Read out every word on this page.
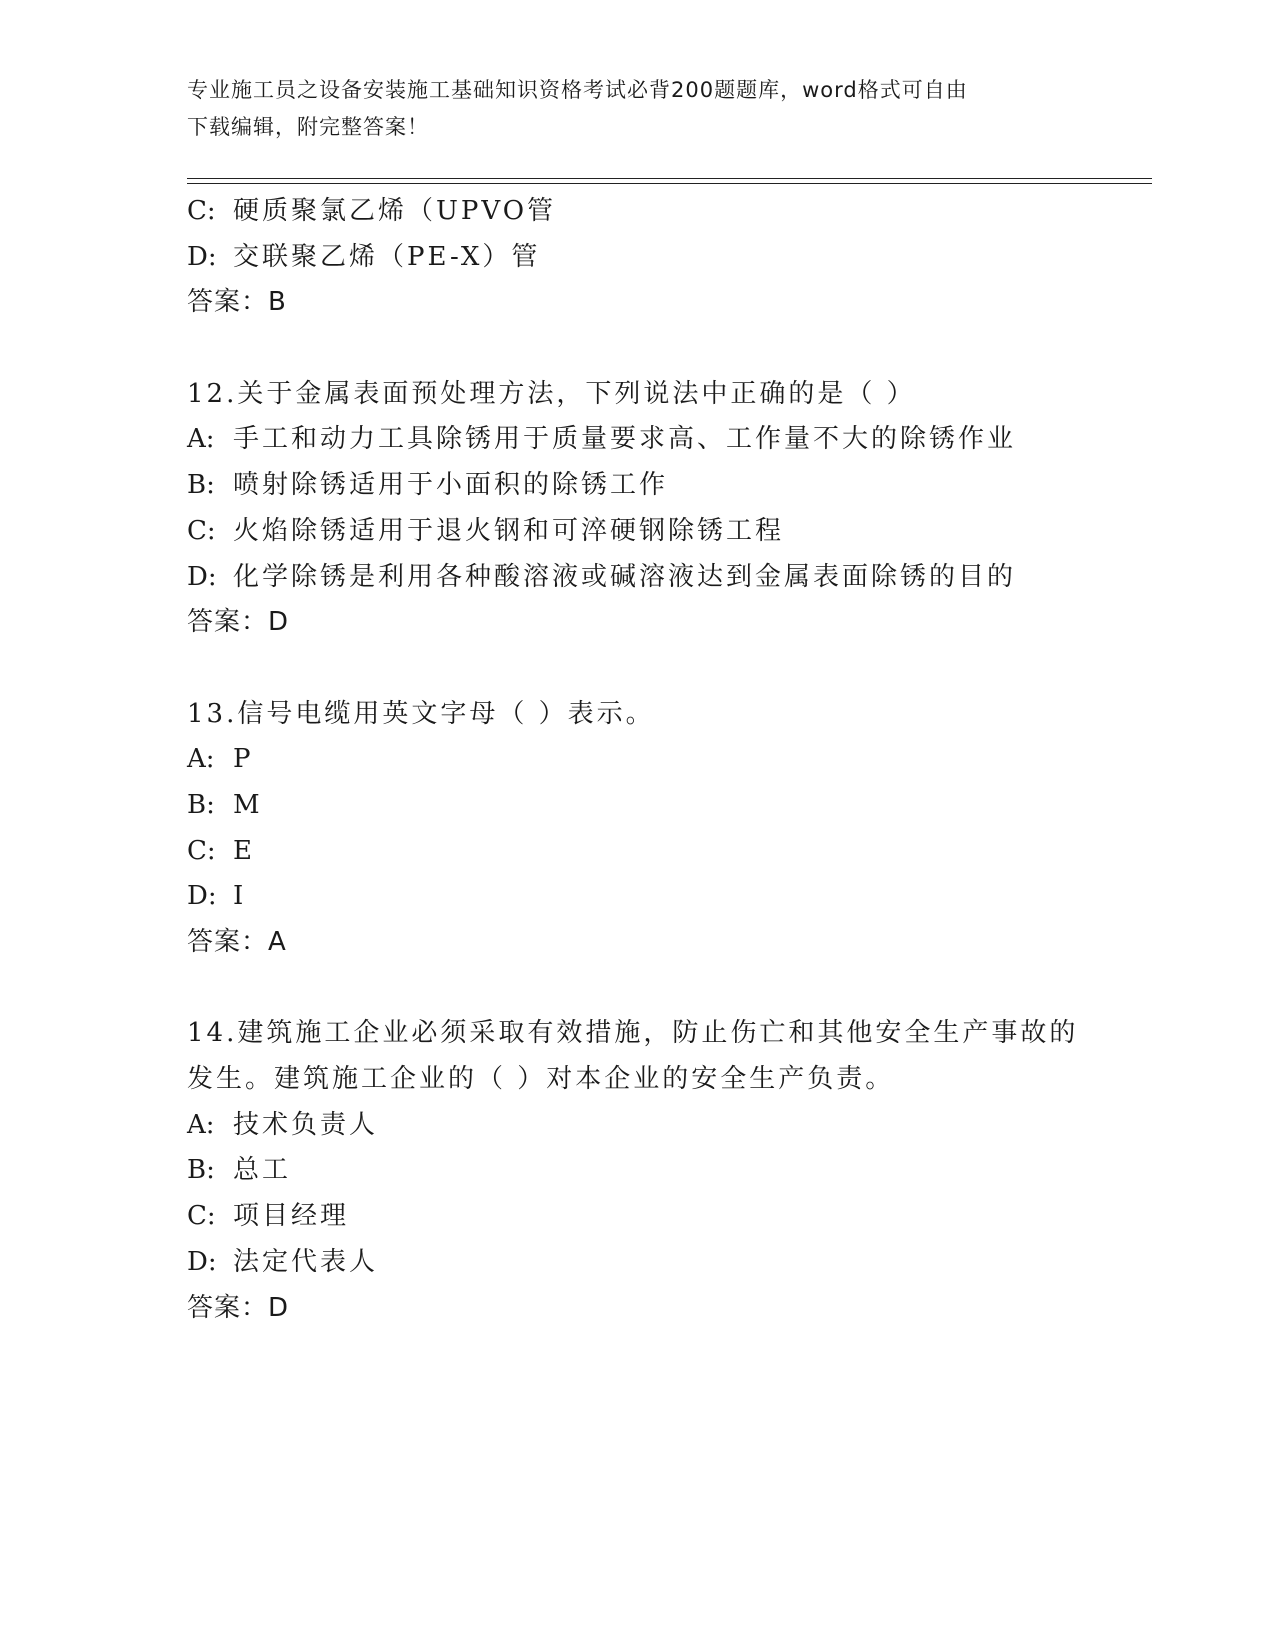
专业施工员之设备安装施工基础知识资格考试必背200题题库，word格式可自由
下载编辑，附完整答案！
C: 硬质聚氯乙烯（UPVO管
D: 交联聚乙烯（PE-X）管
答案：B
12.关于金属表面预处理方法，下列说法中正确的是（ ）
A: 手工和动力工具除锈用于质量要求高、工作量不大的除锈作业
B: 喷射除锈适用于小面积的除锈工作
C: 火焰除锈适用于退火钢和可淬硬钢除锈工程
D: 化学除锈是利用各种酸溶液或碱溶液达到金属表面除锈的目的
答案：D
13.信号电缆用英文字母（ ）表示。
A: P
B: M
C: E
D: I
答案：A
14.建筑施工企业必须采取有效措施，防止伤亡和其他安全生产事故的
发生。建筑施工企业的（ ）对本企业的安全生产负责。
A: 技术负责人
B: 总工
C: 项目经理
D: 法定代表人
答案：D
